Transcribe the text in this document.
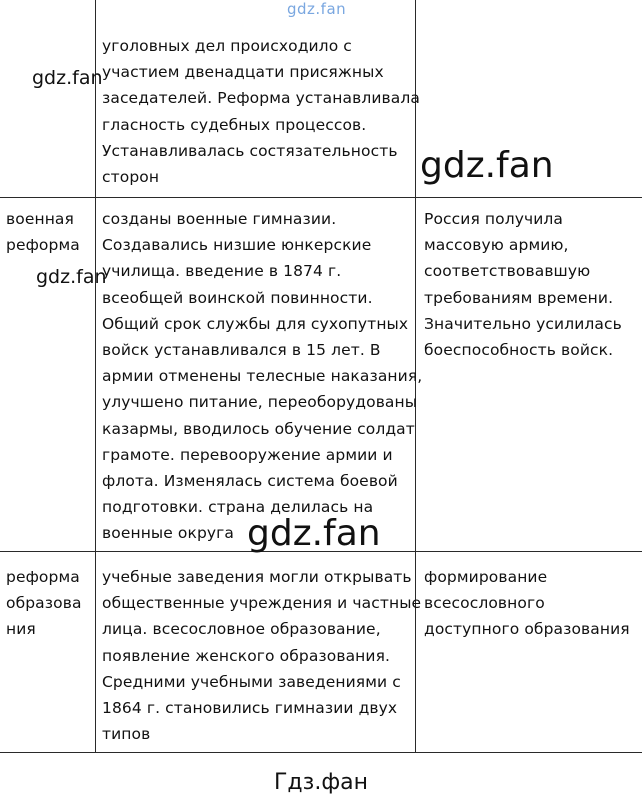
уголовных дел происходило с
участием двенадцати присяжных
заседателей. Реформа устанавливала
гласность судебных процессов.
Устанавливалась состязательность
сторон
военная
реформа
созданы военные гимназии.
Создавались низшие юнкерские
училища. введение в 1874 г.
всеобщей воинской повинности.
Общий срок службы для сухопутных
войск устанавливался в 15 лет. В
армии отменены телесные наказания,
улучшено питание, переоборудованы
казармы, вводилось обучение солдат
грамоте. перевооружение армии и
флота. Изменялась система боевой
подготовки. страна делилась на
военные округа
Россия получила
массовую армию,
соответствовавшую
требованиям времени.
Значительно усилилась
боеспособность войск.
реформа
образова
ния
учебные заведения могли открывать
общественные учреждения и частные
лица. всесословное образование,
появление женского образования.
Средними учебными заведениями с
1864 г. становились гимназии двух
типов
формирование
всесословного
доступного образования
gdz.fan
gdz.fan
gdz.fan
gdz.fan
gdz.fan
Гдз.фан
